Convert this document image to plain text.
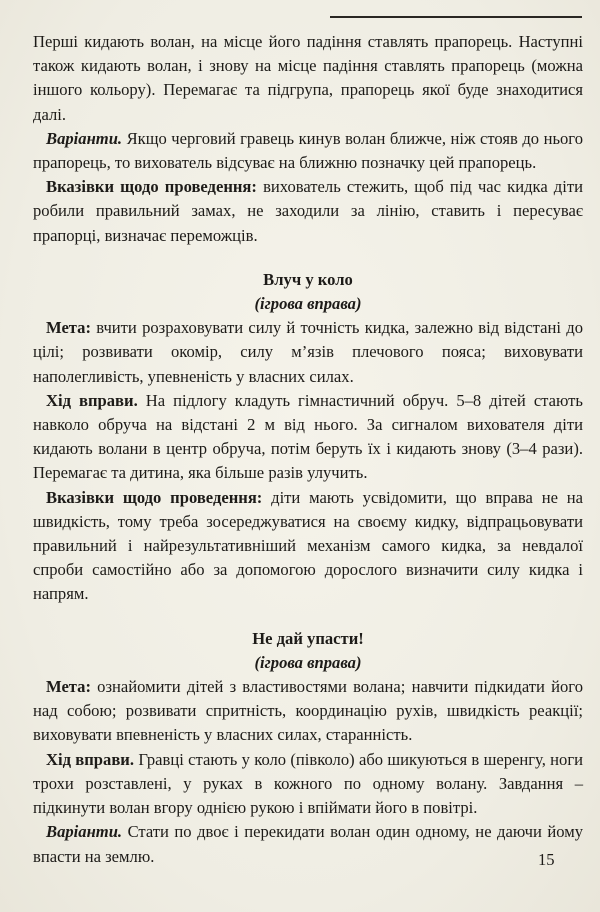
Перші кидають волан, на місце його падіння ставлять прапорець. Наступні також кидають волан, і знову на місце падіння ставлять прапорець (можна іншого кольору). Перемагає та підгрупа, прапорець якої буде знаходитися далі.

Варіанти. Якщо черговий гравець кинув волан ближче, ніж стояв до нього прапорець, то вихователь відсуває на ближню позначку цей прапорець.

Вказівки щодо проведення: вихователь стежить, щоб під час кидка діти робили правильний замах, не заходили за лінію, ставить і пересуває прапорці, визначає переможців.

Влуч у коло

(ігрова вправа)

Мета: вчити розраховувати силу й точність кидка, залежно від відстані до цілі; розвивати окомір, силу м’язів плечового пояса; виховувати наполегливість, упевненість у власних силах.

Хід вправи. На підлогу кладуть гімнастичний обруч. 5–8 дітей стають навколо обруча на відстані 2 м від нього. За сигналом вихователя діти кидають волани в центр обруча, потім беруть їх і кидають знову (3–4 рази). Перемагає та дитина, яка більше разів улучить.

Вказівки щодо проведення: діти мають усвідомити, що вправа не на швидкість, тому треба зосереджуватися на своєму кидку, відпрацьовувати правильний і найрезультативніший механізм самого кидка, за невдалої спроби самостійно або за допомогою дорослого визначити силу кидка і напрям.

Не дай упасти!

(ігрова вправа)

Мета: ознайомити дітей з властивостями волана; навчити підкидати його над собою; розвивати спритність, координацію рухів, швидкість реакції; виховувати впевненість у власних силах, старанність.

Хід вправи. Гравці стають у коло (півколо) або шикуються в шеренгу, ноги трохи розставлені, у руках в кожного по одному волану. Завдання – підкинути волан вгору однією рукою і впіймати його в повітрі.

Варіанти. Стати по двоє і перекидати волан один одному, не даючи йому впасти на землю.	15
